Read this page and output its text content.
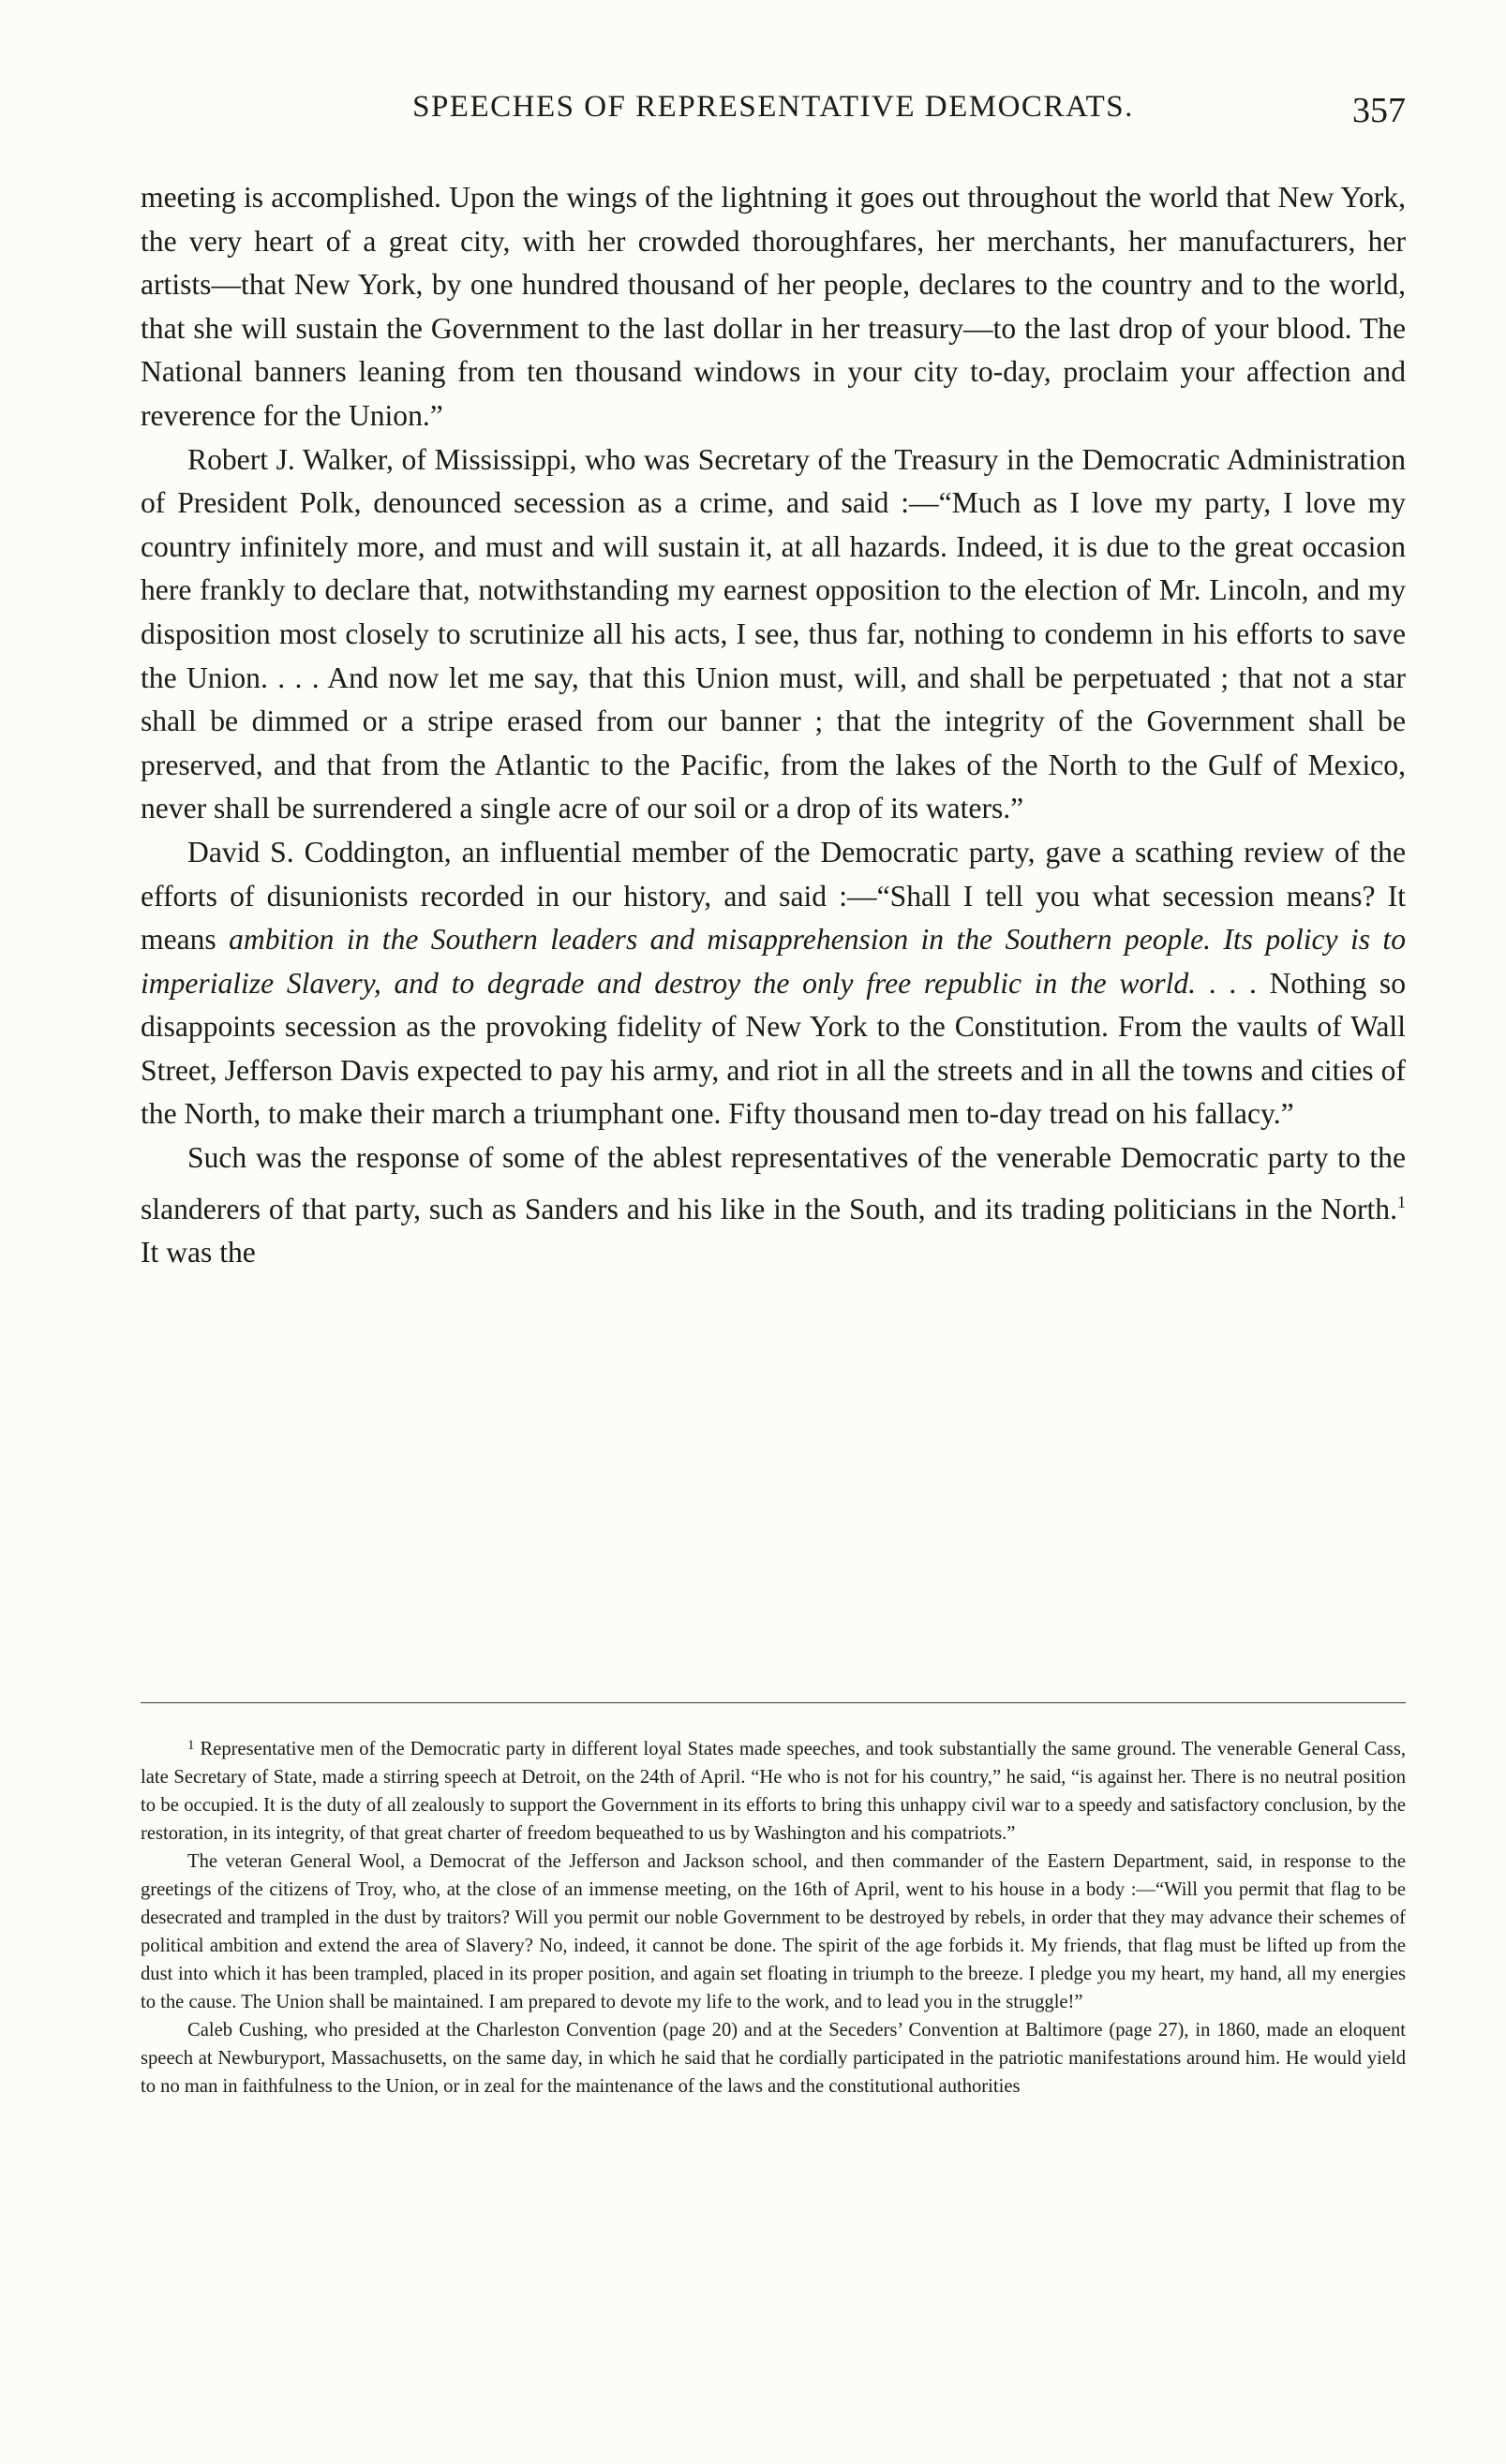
SPEECHES OF REPRESENTATIVE DEMOCRATS.	357

meeting is accomplished. Upon the wings of the lightning it goes out throughout the world that New York, the very heart of a great city, with her crowded thoroughfares, her merchants, her manufacturers, her artists—that New York, by one hundred thousand of her people, declares to the country and to the world, that she will sustain the Government to the last dollar in her treasury—to the last drop of your blood. The National banners leaning from ten thousand windows in your city to-day, proclaim your affection and reverence for the Union.”

Robert J. Walker, of Mississippi, who was Secretary of the Treasury in the Democratic Administration of President Polk, denounced secession as a crime, and said :—“Much as I love my party, I love my country infinitely more, and must and will sustain it, at all hazards. Indeed, it is due to the great occasion here frankly to declare that, notwithstanding my earnest opposition to the election of Mr. Lincoln, and my disposition most closely to scrutinize all his acts, I see, thus far, nothing to condemn in his efforts to save the Union. . . . And now let me say, that this Union must, will, and shall be perpetuated ; that not a star shall be dimmed or a stripe erased from our banner ; that the integrity of the Government shall be preserved, and that from the Atlantic to the Pacific, from the lakes of the North to the Gulf of Mexico, never shall be surrendered a single acre of our soil or a drop of its waters.”

David S. Coddington, an influential member of the Democratic party, gave a scathing review of the efforts of disunionists recorded in our history, and said :—“Shall I tell you what secession means? It means ambition in the Southern leaders and misapprehension in the Southern people. Its policy is to imperialize Slavery, and to degrade and destroy the only free republic in the world. . . . Nothing so disappoints secession as the provoking fidelity of New York to the Constitution. From the vaults of Wall Street, Jefferson Davis expected to pay his army, and riot in all the streets and in all the towns and cities of the North, to make their march a triumphant one. Fifty thousand men to-day tread on his fallacy.”

Such was the response of some of the ablest representatives of the venerable Democratic party to the slanderers of that party, such as Sanders and his like in the South, and its trading politicians in the North.$^1$ It was the

$^1$ Representative men of the Democratic party in different loyal States made speeches, and took substantially the same ground. The venerable General Cass, late Secretary of State, made a stirring speech at Detroit, on the 24th of April. “He who is not for his country,” he said, “is against her. There is no neutral position to be occupied. It is the duty of all zealously to support the Government in its efforts to bring this unhappy civil war to a speedy and satisfactory conclusion, by the restoration, in its integrity, of that great charter of freedom bequeathed to us by Washington and his compatriots.”

The veteran General Wool, a Democrat of the Jefferson and Jackson school, and then commander of the Eastern Department, said, in response to the greetings of the citizens of Troy, who, at the close of an immense meeting, on the 16th of April, went to his house in a body :—“Will you permit that flag to be desecrated and trampled in the dust by traitors? Will you permit our noble Government to be destroyed by rebels, in order that they may advance their schemes of political ambition and extend the area of Slavery? No, indeed, it cannot be done. The spirit of the age forbids it. My friends, that flag must be lifted up from the dust into which it has been trampled, placed in its proper position, and again set floating in triumph to the breeze. I pledge you my heart, my hand, all my energies to the cause. The Union shall be maintained. I am prepared to devote my life to the work, and to lead you in the struggle!”

Caleb Cushing, who presided at the Charleston Convention (page 20) and at the Seceders’ Convention at Baltimore (page 27), in 1860, made an eloquent speech at Newburyport, Massachusetts, on the same day, in which he said that he cordially participated in the patriotic manifestations around him. He would yield to no man in faithfulness to the Union, or in zeal for the maintenance of the laws and the constitutional authorities
